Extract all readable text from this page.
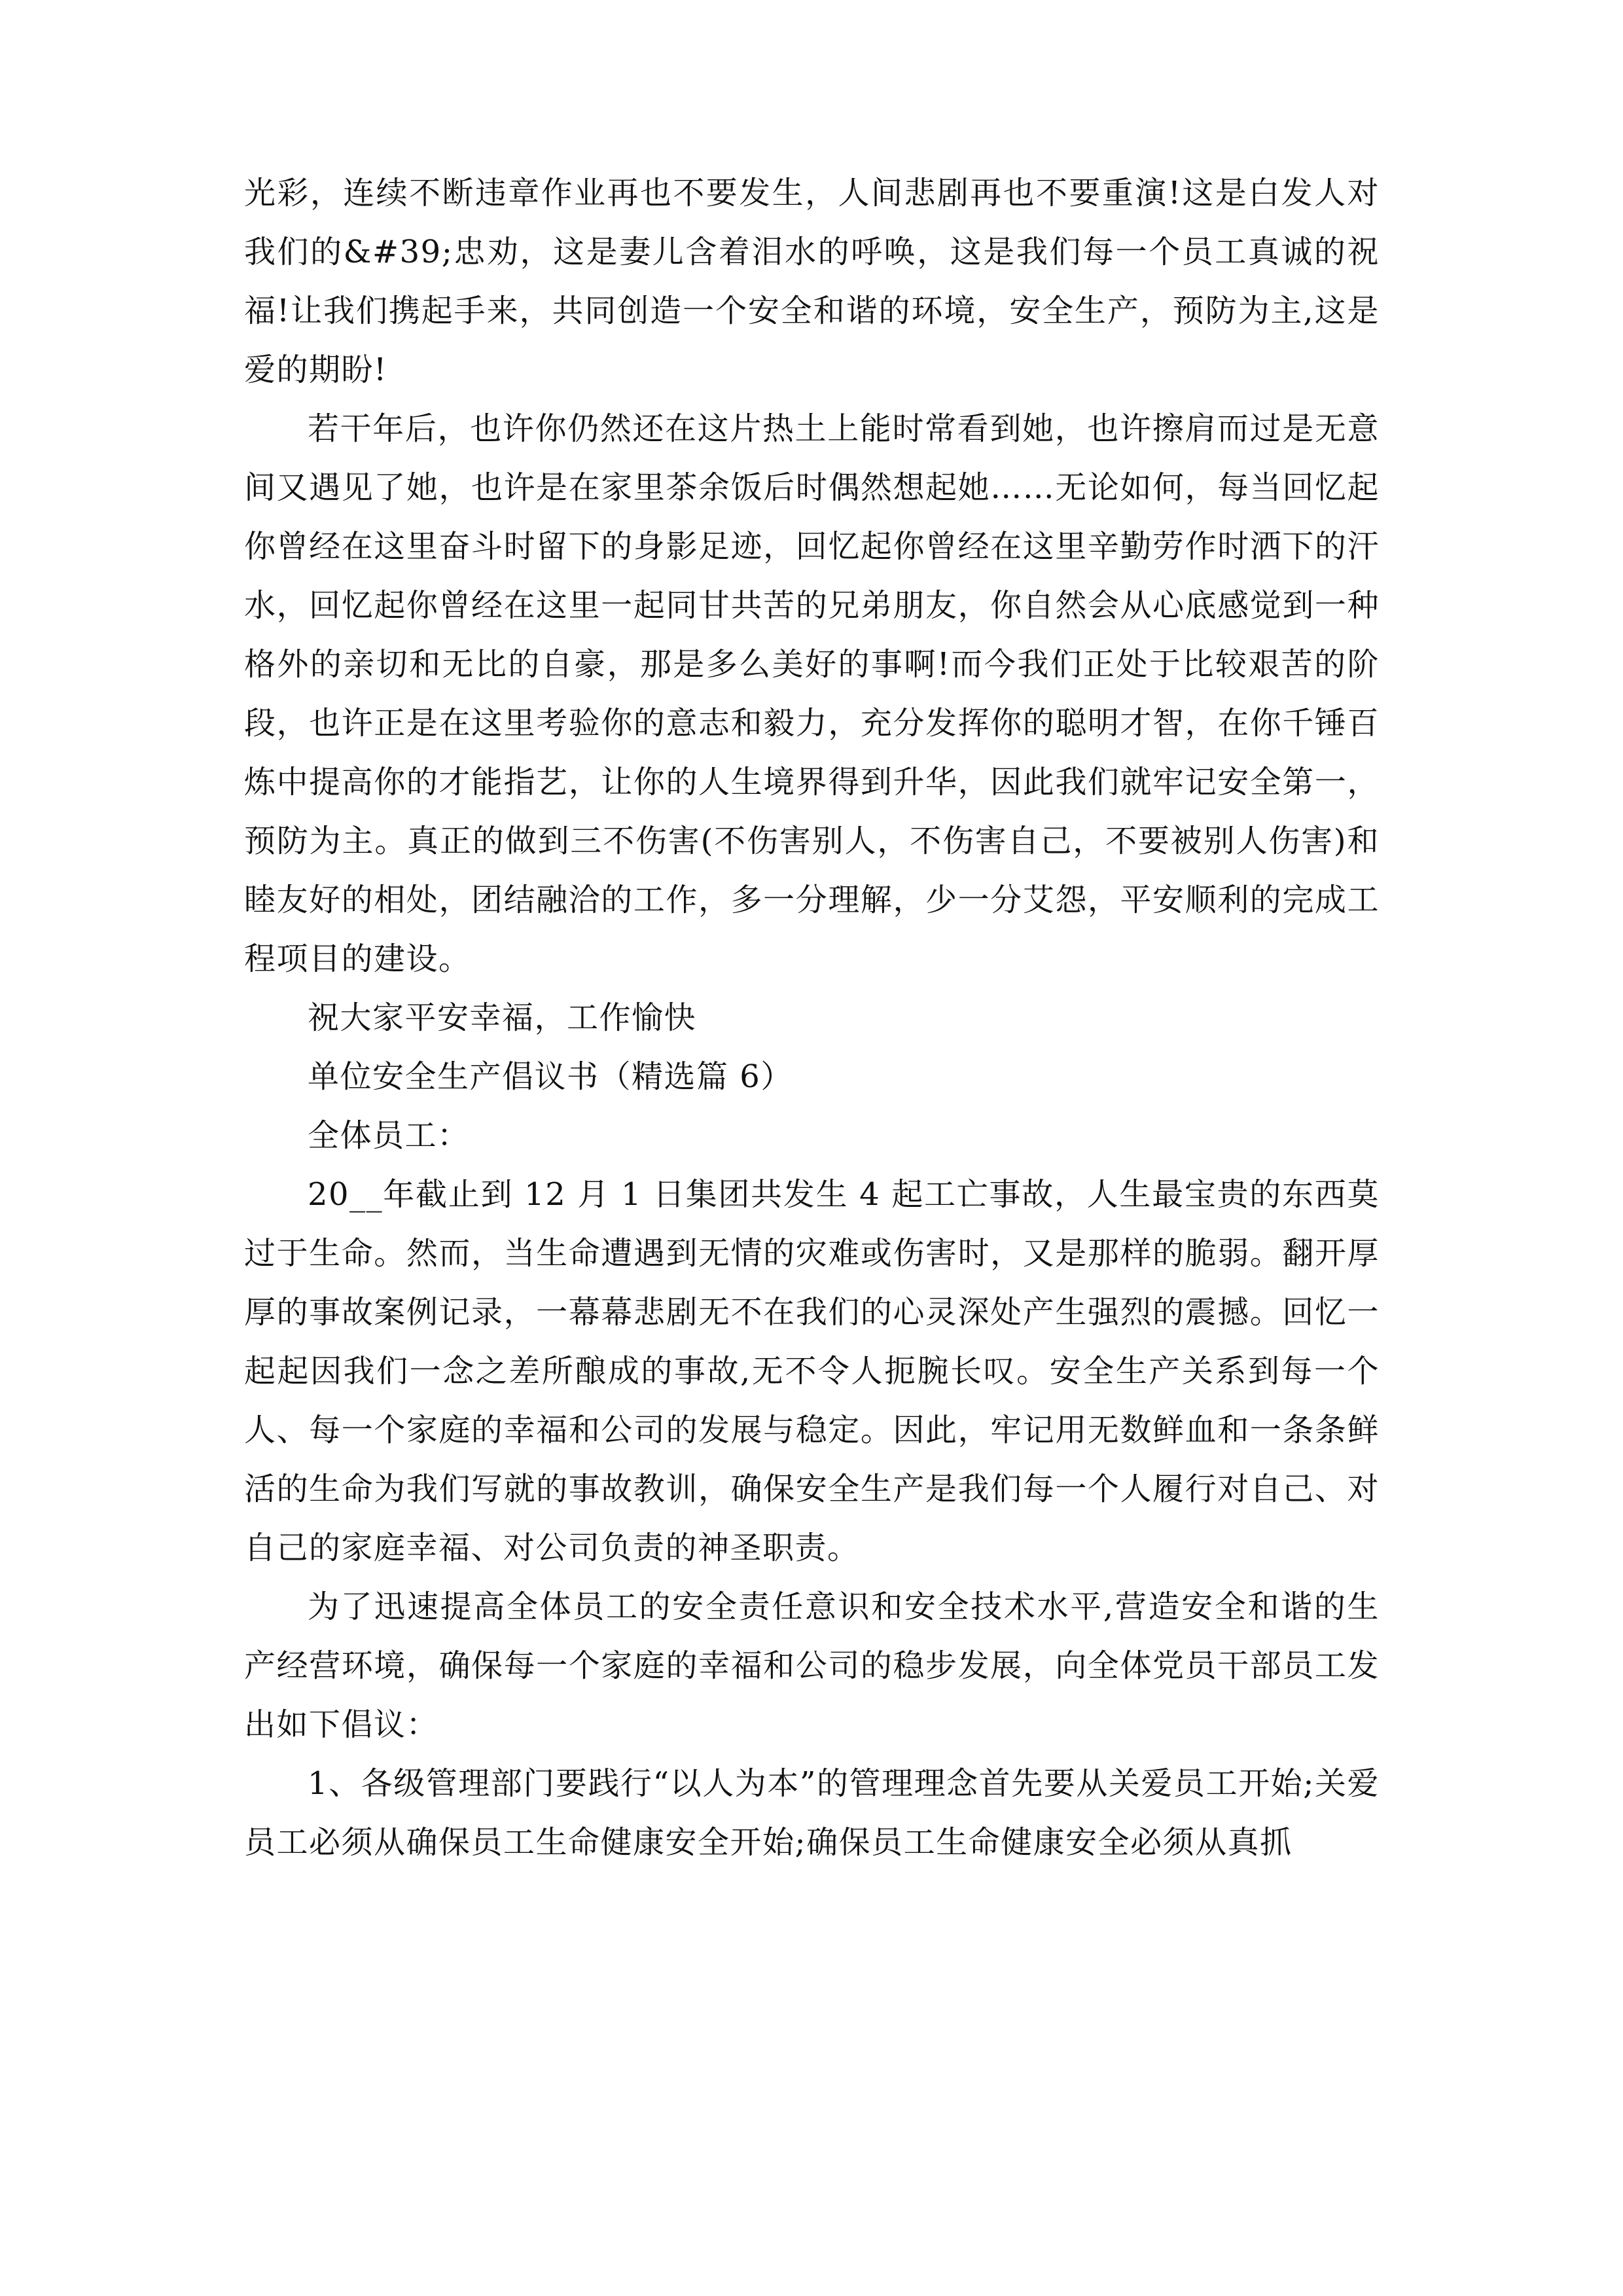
光彩，连续不断违章作业再也不要发生，人间悲剧再也不要重演!这是白发人对我们的&#39;忠劝，这是妻儿含着泪水的呼唤，这是我们每一个员工真诚的祝福!让我们携起手来，共同创造一个安全和谐的环境，安全生产，预防为主,这是爱的期盼!

若干年后，也许你仍然还在这片热土上能时常看到她，也许擦肩而过是无意间又遇见了她，也许是在家里茶余饭后时偶然想起她……无论如何，每当回忆起你曾经在这里奋斗时留下的身影足迹，回忆起你曾经在这里辛勤劳作时洒下的汗水，回忆起你曾经在这里一起同甘共苦的兄弟朋友，你自然会从心底感觉到一种格外的亲切和无比的自豪，那是多么美好的事啊!而今我们正处于比较艰苦的阶段，也许正是在这里考验你的意志和毅力，充分发挥你的聪明才智，在你千锤百炼中提高你的才能指艺，让你的人生境界得到升华，因此我们就牢记安全第一，预防为主。真正的做到三不伤害(不伤害别人，不伤害自己，不要被别人伤害)和睦友好的相处，团结融洽的工作，多一分理解，少一分艾怨，平安顺利的完成工程项目的建设。

祝大家平安幸福，工作愉快

单位安全生产倡议书（精选篇 6）

全体员工：

20__年截止到 12 月 1 日集团共发生 4 起工亡事故，人生最宝贵的东西莫过于生命。然而，当生命遭遇到无情的灾难或伤害时，又是那样的脆弱。翻开厚厚的事故案例记录，一幕幕悲剧无不在我们的心灵深处产生强烈的震撼。回忆一起起因我们一念之差所酿成的事故,无不令人扼腕长叹。安全生产关系到每一个人、每一个家庭的幸福和公司的发展与稳定。因此，牢记用无数鲜血和一条条鲜活的生命为我们写就的事故教训，确保安全生产是我们每一个人履行对自己、对自己的家庭幸福、对公司负责的神圣职责。

为了迅速提高全体员工的安全责任意识和安全技术水平,营造安全和谐的生产经营环境，确保每一个家庭的幸福和公司的稳步发展，向全体党员干部员工发出如下倡议：

1、各级管理部门要践行“以人为本”的管理理念首先要从关爱员工开始;关爱员工必须从确保员工生命健康安全开始;确保员工生命健康安全必须从真抓
